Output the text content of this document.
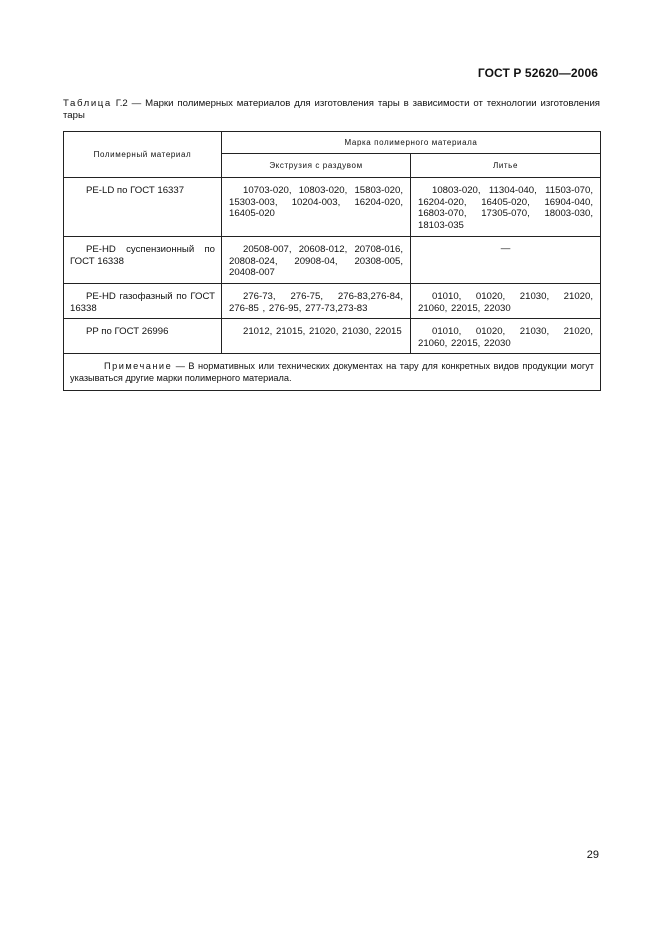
ГОСТ Р 52620—2006
Таблица Г.2 — Марки полимерных материалов для изготовления тары в зависимости от технологии изготовления тары
Полимерный материал	Марка полимерного материала	
	Экструзия с раздувом	Литье
PE-LD по ГОСТ 16337	10703-020, 10803-020, 15803-020, 15303-003, 10204-003, 16204-020, 16405-020	10803-020, 11304-040, 11503-070, 16204-020, 16405-020, 16904-040, 16803-070, 17305-070, 18003-030, 18103-035
PE-HD суспензионный по ГОСТ 16338	20508-007, 20608-012, 20708-016, 20808-024, 20908-04, 20308-005, 20408-007	—
PE-HD газофазный по ГОСТ 16338	276-73, 276-75, 276-83,276-84, 276-85 , 276-95, 277-73,273-83	01010, 01020, 21030, 21020, 21060, 22015, 22030
PP по ГОСТ 26996	21012, 21015, 21020, 21030, 22015	01010, 01020, 21030, 21020, 21060, 22015, 22030
Примечание — В нормативных или технических документах на тару для конкретных видов продукции могут указываться другие марки полимерного материала.		
29
